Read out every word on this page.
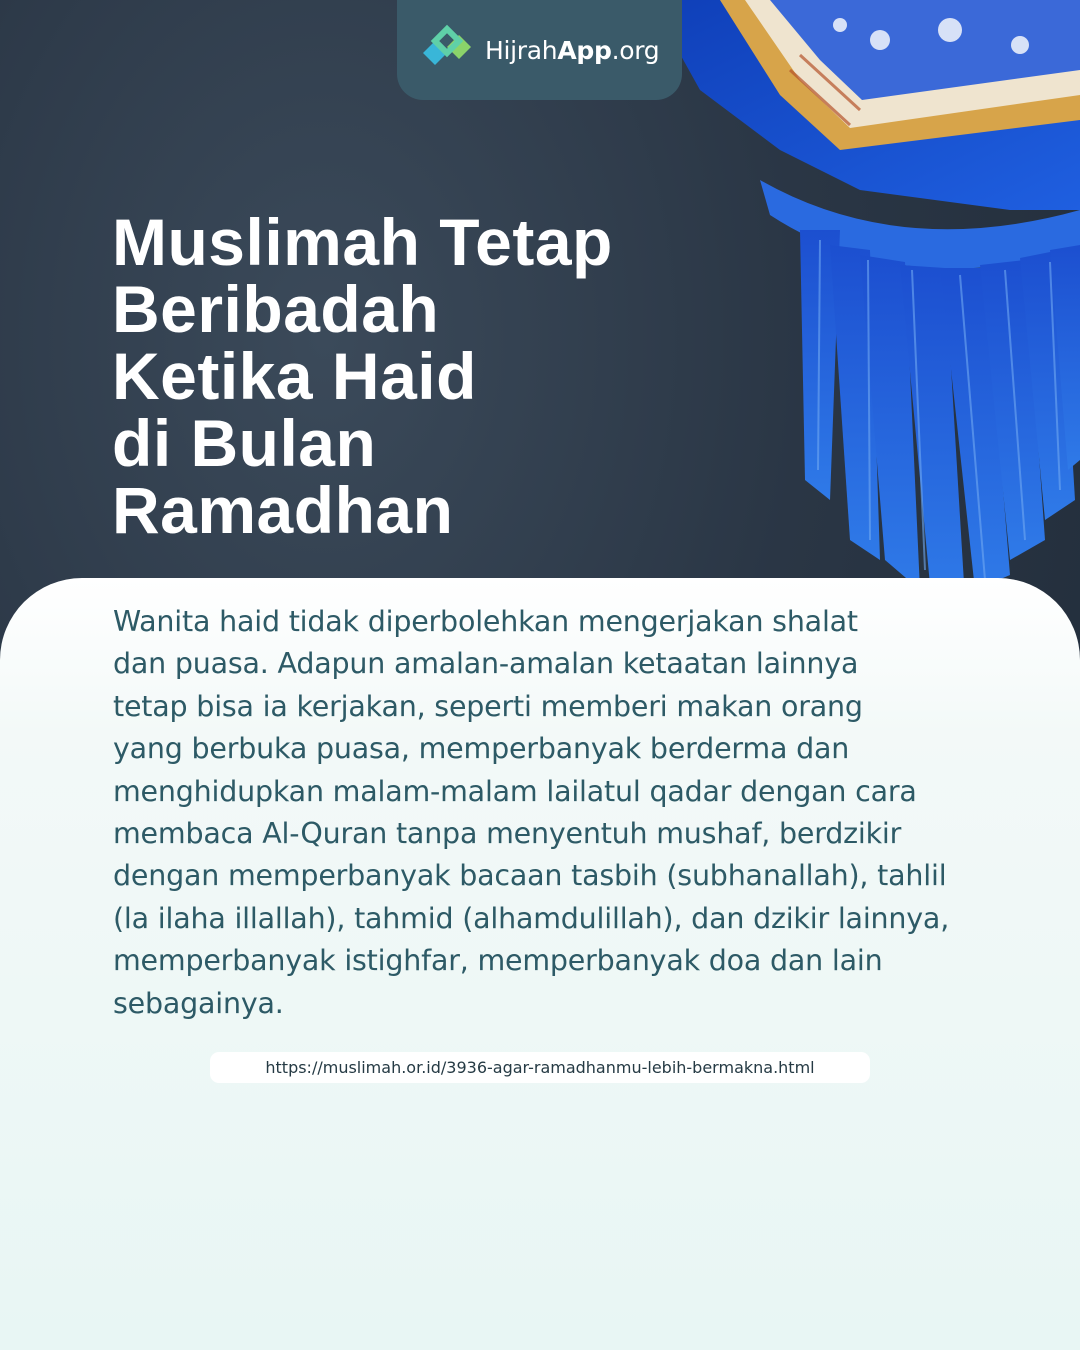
HijrahApp.org
Muslimah Tetap
Beribadah
Ketika Haid
di Bulan
Ramadhan
Wanita haid tidak diperbolehkan mengerjakan shalat
dan puasa. Adapun amalan-amalan ketaatan lainnya
tetap bisa ia kerjakan, seperti memberi makan orang
yang berbuka puasa, memperbanyak berderma dan
menghidupkan malam-malam lailatul qadar dengan cara
membaca Al-Quran tanpa menyentuh mushaf, berdzikir
dengan memperbanyak bacaan tasbih (subhanallah), tahlil
(la ilaha illallah), tahmid (alhamdulillah), dan dzikir lainnya,
memperbanyak istighfar, memperbanyak doa dan lain
sebagainya.
https://muslimah.or.id/3936-agar-ramadhanmu-lebih-bermakna.html
